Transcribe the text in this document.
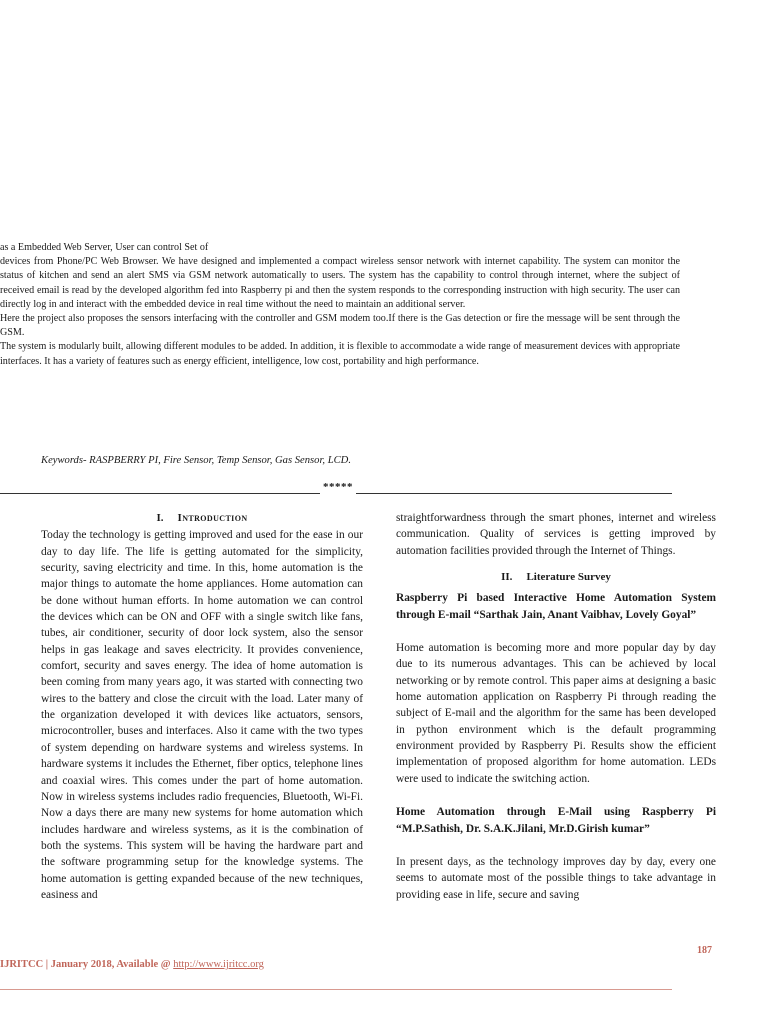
as a Embedded Web Server, User can control Set of

devices from Phone/PC Web Browser. We have designed and implemented a compact wireless sensor network with internet capability. The system can monitor the status of kitchen and send an alert SMS via GSM network automatically to users. The system has the capability to control through internet, where the subject of received email is read by the developed algorithm fed into Raspberry pi and then the system responds to the corresponding instruction with high security. The user can directly log in and interact with the embedded device in real time without the need to maintain an additional server.

Here the project also proposes the sensors interfacing with the controller and GSM modem too.If there is the Gas detection or fire the message will be sent through the GSM.

The system is modularly built, allowing different modules to be added. In addition, it is flexible to accommodate a wide range of measurement devices with appropriate interfaces. It has a variety of features such as energy efficient, intelligence, low cost, portability and high performance.

Keywords- RASPBERRY PI, Fire Sensor, Temp Sensor, Gas Sensor, LCD.
*****
I. Introduction

Today the technology is getting improved and used for the ease in our day to day life. The life is getting automated for the simplicity, security, saving electricity and time. In this, home automation is the major things to automate the home appliances. Home automation can be done without human efforts. In home automation we can control the devices which can be ON and OFF with a single switch like fans, tubes, air conditioner, security of door lock system, also the sensor helps in gas leakage and saves electricity. It provides convenience, comfort, security and saves energy. The idea of home automation is been coming from many years ago, it was started with connecting two wires to the battery and close the circuit with the load. Later many of the organization developed it with devices like actuators, sensors, microcontroller, buses and interfaces. Also it came with the two types of system depending on hardware systems and wireless systems. In hardware systems it includes the Ethernet, fiber optics, telephone lines and coaxial wires. This comes under the part of home automation. Now in wireless systems includes radio frequencies, Bluetooth, Wi-Fi. Now a days there are many new systems for home automation which includes hardware and wireless systems, as it is the combination of both the systems. This system will be having the hardware part and the software programming setup for the knowledge systems. The home automation is getting expanded because of the new techniques, easiness and

straightforwardness through the smart phones, internet and wireless communication. Quality of services is getting improved by automation facilities provided through the Internet of Things.

II. Literature Survey

Raspberry Pi based Interactive Home Automation System through E-mail “Sarthak Jain, Anant Vaibhav, Lovely Goyal”

Home automation is becoming more and more popular day by day due to its numerous advantages. This can be achieved by local networking or by remote control. This paper aims at designing a basic home automation application on Raspberry Pi through reading the subject of E-mail and the algorithm for the same has been developed in python environment which is the default programming environment provided by Raspberry Pi. Results show the efficient implementation of proposed algorithm for home automation. LEDs were used to indicate the switching action.

Home Automation through E-Mail using Raspberry Pi “M.P.Sathish, Dr. S.A.K.Jilani, Mr.D.Girish kumar”

In present days, as the technology improves day by day, every one seems to automate most of the possible things to take advantage in providing ease in life, secure and saving

187
IJRITCC | January 2018, Available @ http://www.ijritcc.org
